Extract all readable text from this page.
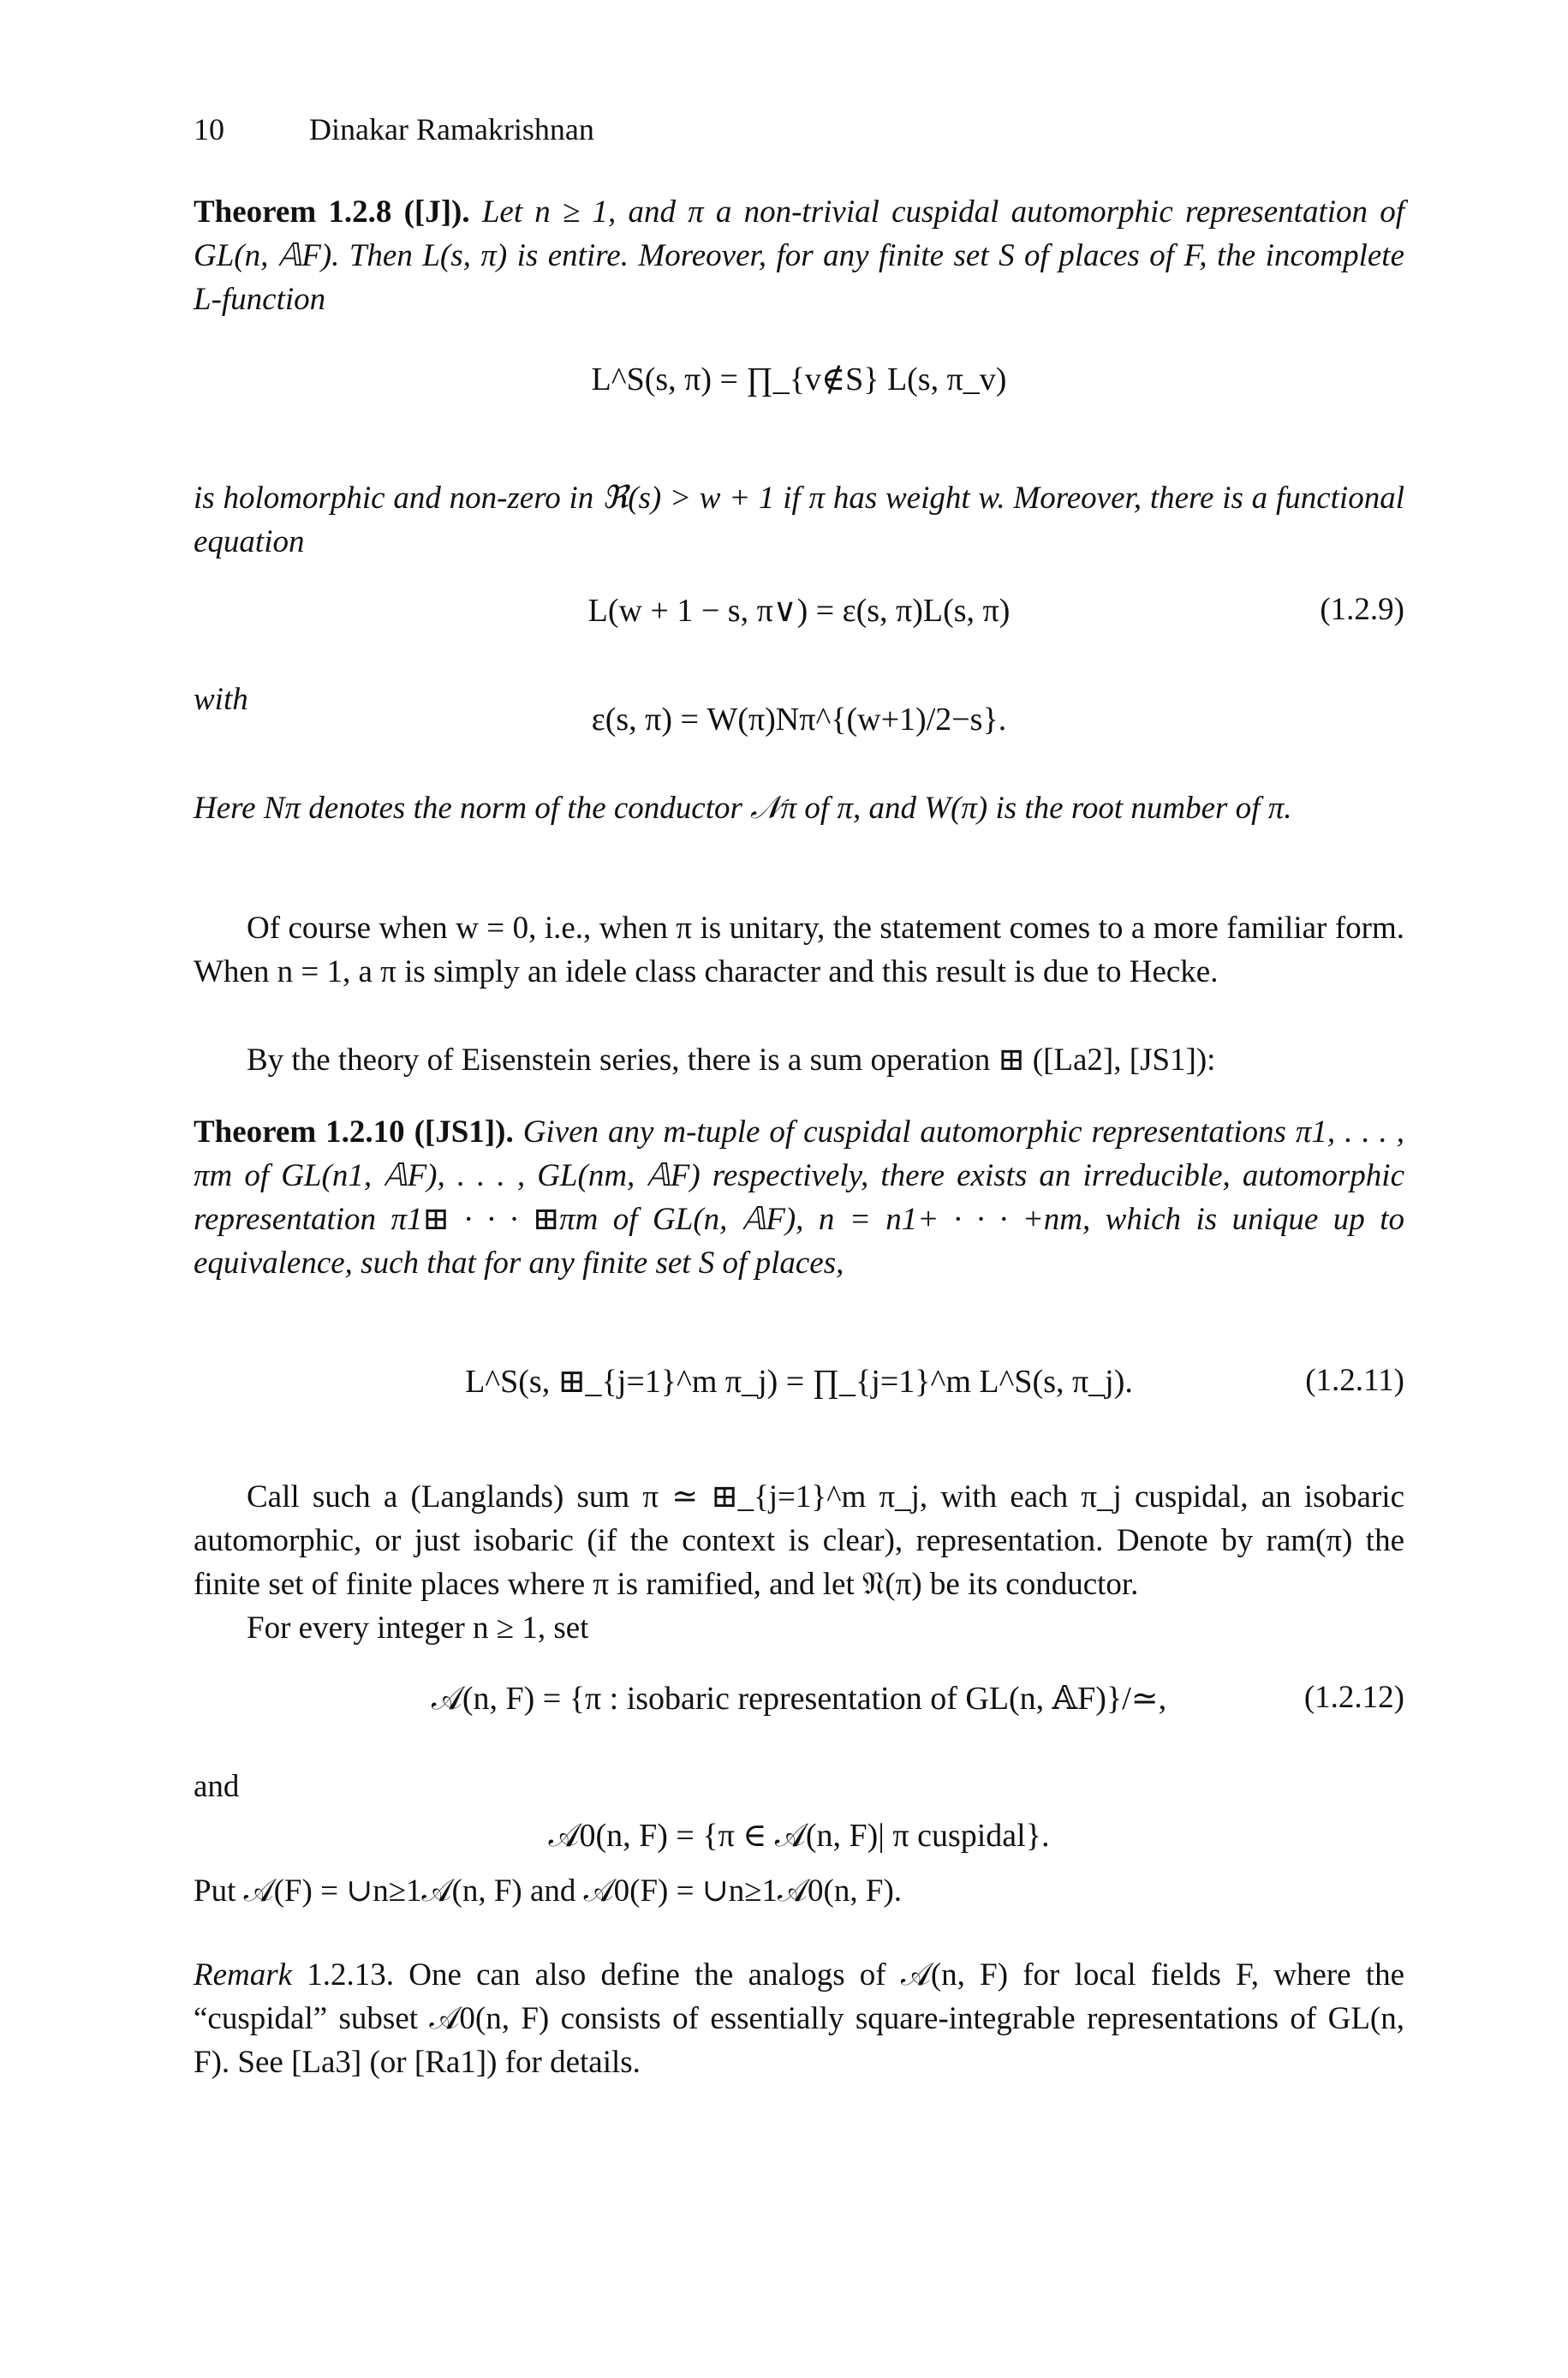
10	Dinakar Ramakrishnan
Theorem 1.2.8 ([J]). Let n ≥ 1, and π a non-trivial cuspidal automorphic representation of GL(n, 𝔸F). Then L(s, π) is entire. Moreover, for any finite set S of places of F, the incomplete L-function
L^S(s, π) = ∏_{v∉S} L(s, π_v)
is holomorphic and non-zero in ℜ(s) > w + 1 if π has weight w. Moreover, there is a functional equation
L(w + 1 − s, π∨) = ε(s, π)L(s, π)	(1.2.9)
with
ε(s, π) = W(π)Nπ^{(w+1)/2−s}.
Here Nπ denotes the norm of the conductor 𝒩π of π, and W(π) is the root number of π.
Of course when w = 0, i.e., when π is unitary, the statement comes to a more familiar form. When n = 1, a π is simply an idele class character and this result is due to Hecke.
By the theory of Eisenstein series, there is a sum operation ⊞ ([La2], [JS1]):
Theorem 1.2.10 ([JS1]). Given any m-tuple of cuspidal automorphic representations π1, . . . , πm of GL(n1, 𝔸F), . . . , GL(nm, 𝔸F) respectively, there exists an irreducible, automorphic representation π1⊞ · · · ⊞πm of GL(n, 𝔸F), n = n1+ · · · +nm, which is unique up to equivalence, such that for any finite set S of places,
L^S(s, ⊞_{j=1}^m π_j) = ∏_{j=1}^m L^S(s, π_j).	(1.2.11)
Call such a (Langlands) sum π ≃ ⊞_{j=1}^m π_j, with each π_j cuspidal, an isobaric automorphic, or just isobaric (if the context is clear), representation. Denote by ram(π) the finite set of finite places where π is ramified, and let 𝔑(π) be its conductor.
For every integer n ≥ 1, set
𝒜(n, F) = {π : isobaric representation of GL(n, 𝔸F)}/≃,	(1.2.12)
and
𝒜0(n, F) = {π ∈ 𝒜(n, F)| π cuspidal}.
Put 𝒜(F) = ∪n≥1𝒜(n, F) and 𝒜0(F) = ∪n≥1𝒜0(n, F).
Remark 1.2.13. One can also define the analogs of 𝒜(n, F) for local fields F, where the “cuspidal” subset 𝒜0(n, F) consists of essentially square-integrable representations of GL(n, F). See [La3] (or [Ra1]) for details.
